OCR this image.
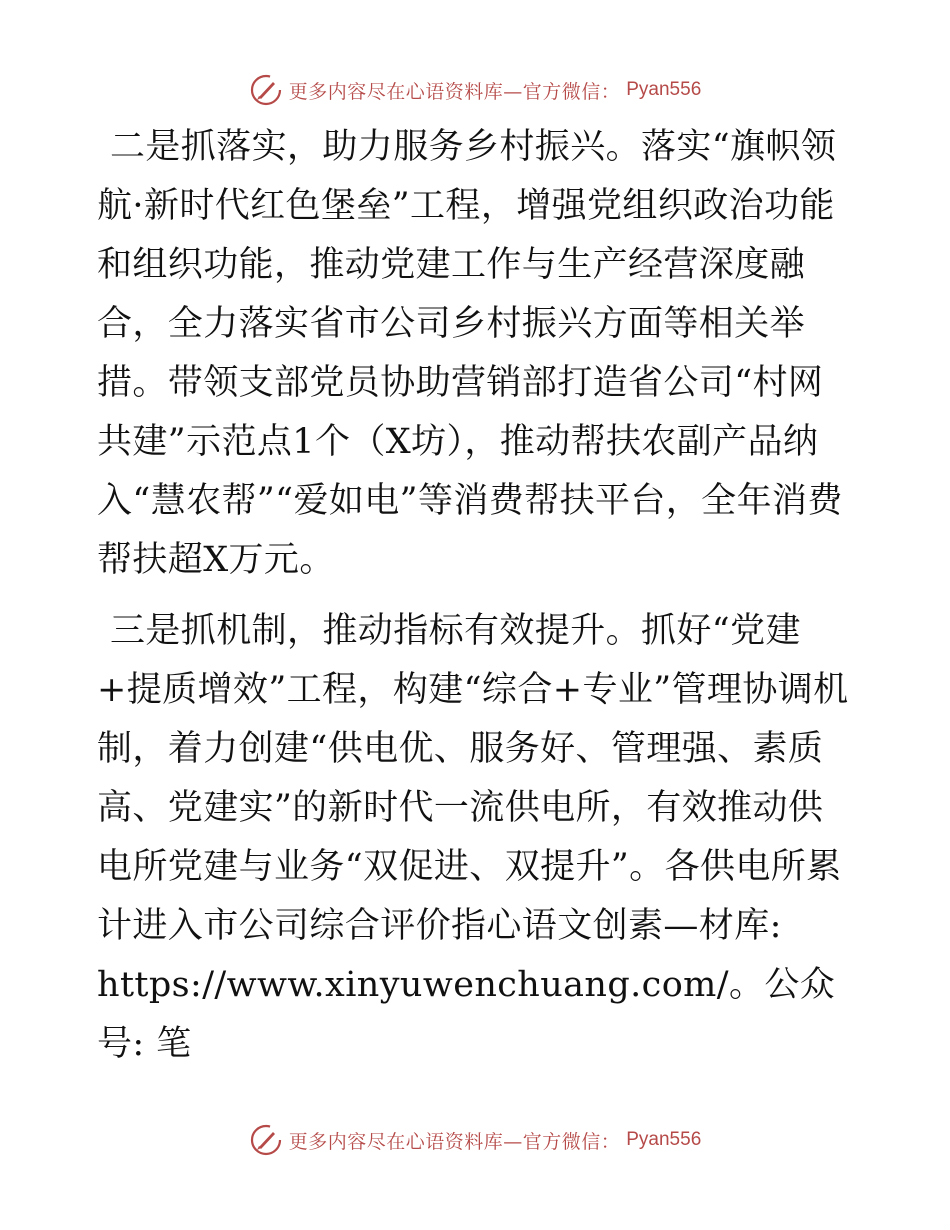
更多内容尽在心语资料库—官方微信： Pyan556

二是抓落实，助力服务乡村振兴。落实“旗帜领航·新时代红色堡垒”工程，增强党组织政治功能和组织功能，推动党建工作与生产经营深度融合，全力落实省市公司乡村振兴方面等相关举措。带领支部党员协助营销部打造省公司“村网共建”示范点1个（X坊），推动帮扶农副产品纳入“慧农帮”“爱如电”等消费帮扶平台，全年消费帮扶超X万元。

三是抓机制，推动指标有效提升。抓好“党建+提质增效”工程，构建“综合+专业”管理协调机制，着力创建“供电优、服务好、管理强、素质高、党建实”的新时代一流供电所，有效推动供电所党建与业务“双促进、双提升”。各供电所累计进入市公司综合评价指心语文创素—材库:
https://www.xinyuwenchuang.com/。公众号: 笔

更多内容尽在心语资料库—官方微信： Pyan556
